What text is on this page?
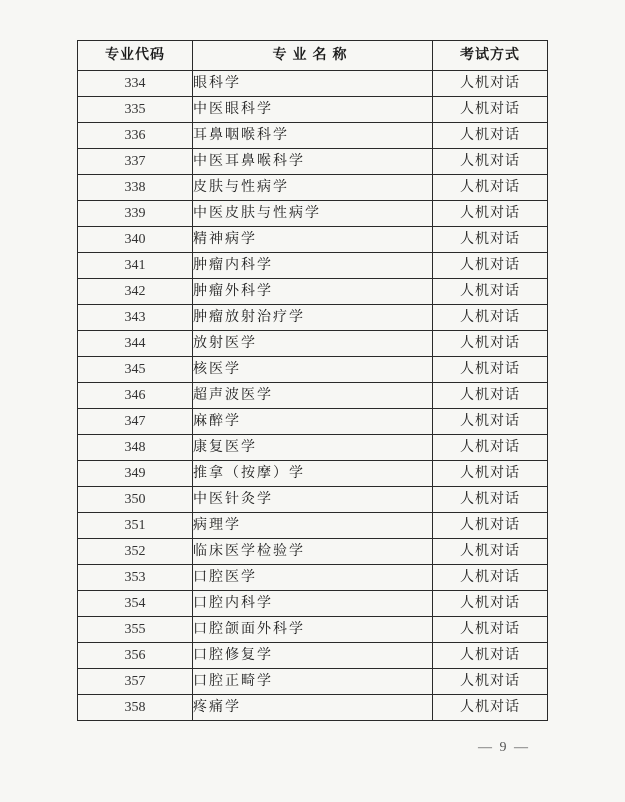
专业代码	专业名称	考试方式
334	眼科学	人机对话
335	中医眼科学	人机对话
336	耳鼻咽喉科学	人机对话
337	中医耳鼻喉科学	人机对话
338	皮肤与性病学	人机对话
339	中医皮肤与性病学	人机对话
340	精神病学	人机对话
341	肿瘤内科学	人机对话
342	肿瘤外科学	人机对话
343	肿瘤放射治疗学	人机对话
344	放射医学	人机对话
345	核医学	人机对话
346	超声波医学	人机对话
347	麻醉学	人机对话
348	康复医学	人机对话
349	推拿（按摩）学	人机对话
350	中医针灸学	人机对话
351	病理学	人机对话
352	临床医学检验学	人机对话
353	口腔医学	人机对话
354	口腔内科学	人机对话
355	口腔颌面外科学	人机对话
356	口腔修复学	人机对话
357	口腔正畸学	人机对话
358	疼痛学	人机对话
— 9 —
